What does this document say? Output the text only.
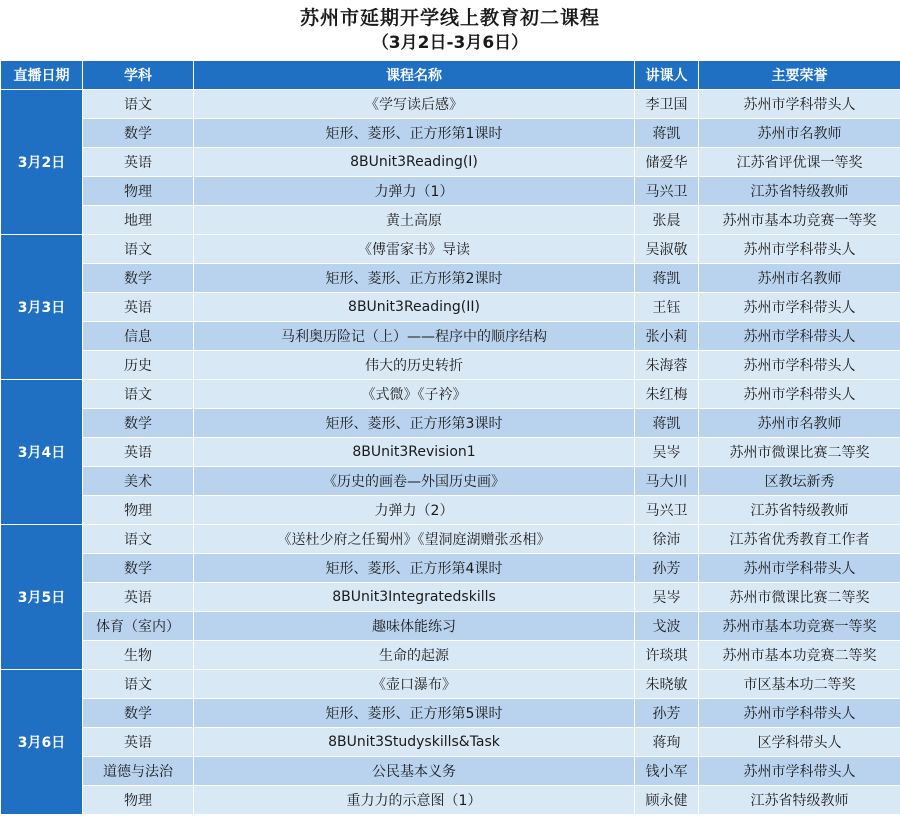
苏州市延期开学线上教育初二课程
（3月2日-3月6日）
直播日期	学科	课程名称	讲课人	主要荣誉
3月2日	语文	《学写读后感》	李卫国	苏州市学科带头人
	数学	矩形、菱形、正方形第1课时	蒋凯	苏州市名教师
	英语	8BUnit3Reading(I)	储爱华	江苏省评优课一等奖
	物理	力弹力（1）	马兴卫	江苏省特级教师
	地理	黄土高原	张晨	苏州市基本功竞赛一等奖
3月3日	语文	《傅雷家书》导读	吴淑敬	苏州市学科带头人
	数学	矩形、菱形、正方形第2课时	蒋凯	苏州市名教师
	英语	8BUnit3Reading(II)	王钰	苏州市学科带头人
	信息	马利奥历险记（上）——程序中的顺序结构	张小莉	苏州市学科带头人
	历史	伟大的历史转折	朱海蓉	苏州市学科带头人
3月4日	语文	《式微》《子衿》	朱红梅	苏州市学科带头人
	数学	矩形、菱形、正方形第3课时	蒋凯	苏州市名教师
	英语	8BUnit3Revision1	吴岑	苏州市微课比赛二等奖
	美术	《历史的画卷—外国历史画》	马大川	区教坛新秀
	物理	力弹力（2）	马兴卫	江苏省特级教师
3月5日	语文	《送杜少府之任蜀州》《望洞庭湖赠张丞相》	徐沛	江苏省优秀教育工作者
	数学	矩形、菱形、正方形第4课时	孙芳	苏州市学科带头人
	英语	8BUnit3Integratedskills	吴岑	苏州市微课比赛二等奖
	体育（室内）	趣味体能练习	戈波	苏州市基本功竞赛一等奖
	生物	生命的起源	许琰琪	苏州市基本功竞赛二等奖
3月6日	语文	《壶口瀑布》	朱晓敏	市区基本功二等奖
	数学	矩形、菱形、正方形第5课时	孙芳	苏州市学科带头人
	英语	8BUnit3Studyskills&Task	蒋珣	区学科带头人
	道德与法治	公民基本义务	钱小军	苏州市学科带头人
	物理	重力力的示意图（1）	顾永健	江苏省特级教师
